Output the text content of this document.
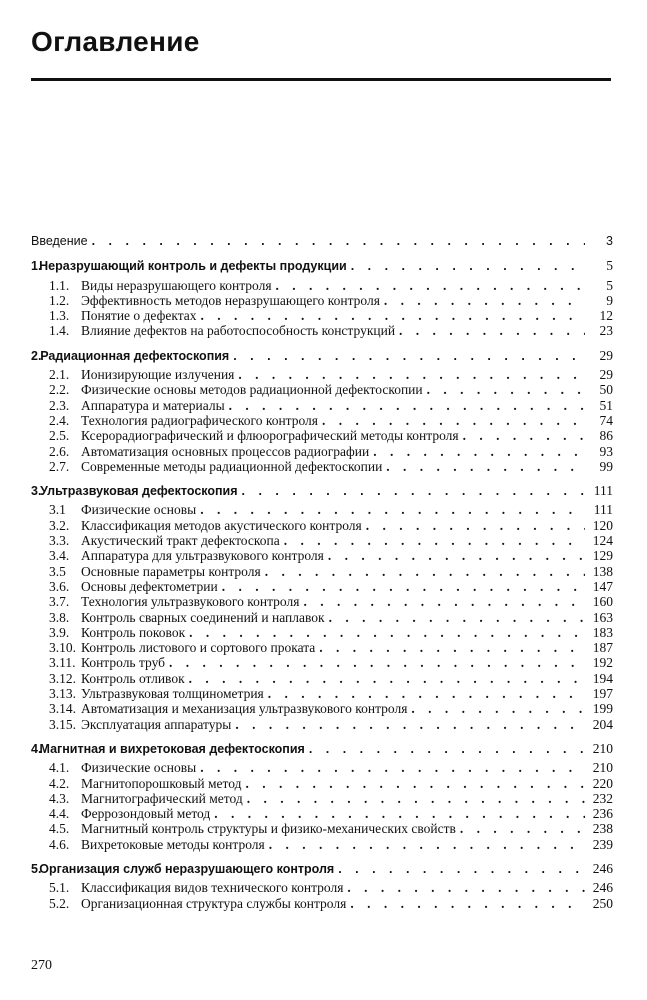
Оглавление
Введение . . .	3
1.
Неразрушающий контроль и дефекты продукции . . .	5
1.1. Виды неразрушающего контроля . . .	5
1.2. Эффективность методов неразрушающего контроля . . .	9
1.3. Понятие о дефектах . . .	12
1.4. Влияние дефектов на работоспособность конструкций . . .	23
2.
Радиационная дефектоскопия . . .	29
2.1. Ионизирующие излучения . . .	29
2.2. Физические основы методов радиационной дефектоскопии . . .	50
2.3. Аппаратура и материалы . . .	51
2.4. Технология радиографического контроля . . .	74
2.5. Ксерорадиографический и флюорографический методы контроля . . .	86
2.6. Автоматизация основных процессов радиографии . . .	93
2.7. Современные методы радиационной дефектоскопии . . .	99
3.
Ультразвуковая дефектоскопия . . .	111
3.1	Физические основы . . .	111
3.2. Классификация методов акустического контроля . . .	120
3.3. Акустический тракт дефектоскопа . . .	124
3.4. Аппаратура для ультразвукового контроля . . .	129
3.5	Основные параметры контроля . . .	138
3.6. Основы дефектометрии . . .	147
3.7. Технология ультразвукового контроля . . .	160
3.8. Контроль сварных соединений и наплавок . . .	163
3.9. Контроль поковок . . .	183
3.10. Контроль листового и сортового проката . . .	187
3.11. Контроль труб . . .	192
3.12. Контроль отливок . . .	194
3.13. Ультразвуковая толщинометрия . . .	197
3.14. Автоматизация и механизация ультразвукового контроля . . .	199
3.15. Эксплуатация аппаратуры . . .	204
4.
Магнитная и вихретоковая дефектоскопия . . .	210
4.1. Физические основы . . .	210
4.2. Магнитопорошковый метод . . .	220
4.3. Магнитографический метод . . .	232
4.4. Феррозондовый метод . . .	236
4.5. Магнитный контроль структуры и физико-механических свойств . . .	238
4.6. Вихретоковые методы контроля . . .	239
5.
Организация служб неразрушающего контроля . . .	246
5.1. Классификация видов технического контроля . . .	246
5.2. Организационная структура службы контроля . . .	250
270
